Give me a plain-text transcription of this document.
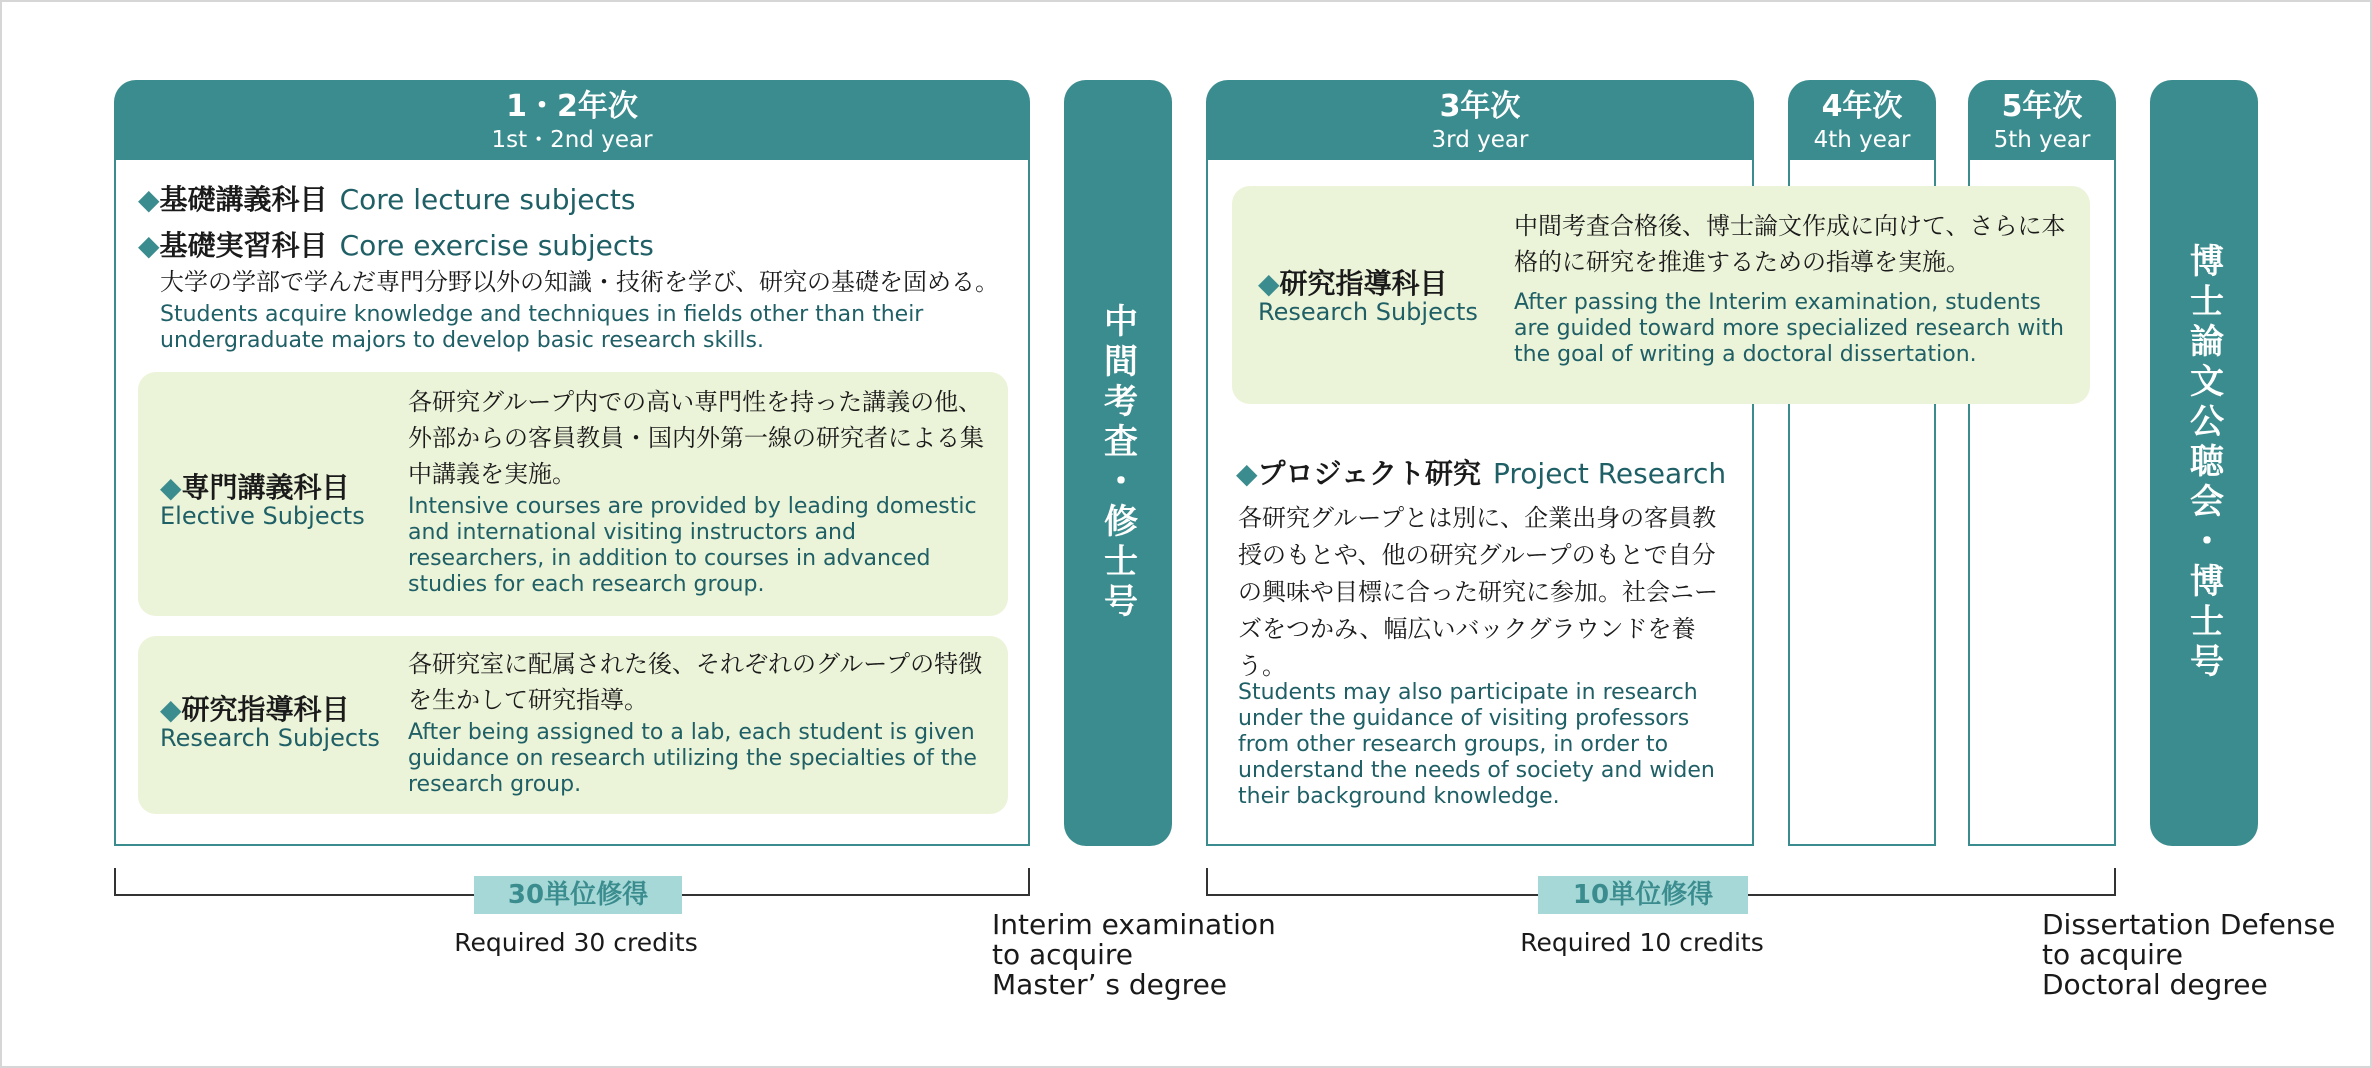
1・2年次
1st・2nd year
◆基礎講義科目 Core lecture subjects
◆基礎実習科目 Core exercise subjects
大学の学部で学んだ専門分野以外の知識・技術を学び、研究の基礎を固める。
Students acquire knowledge and techniques in fields other than their undergraduate majors to develop basic research skills.
◆専門講義科目
Elective Subjects
各研究グループ内での高い専門性を持った講義の他、外部からの客員教員・国内外第一線の研究者による集中講義を実施。
Intensive courses are provided by leading domestic and international visiting instructors and researchers, in addition to courses in advanced studies for each research group.
◆研究指導科目
Research Subjects
各研究室に配属された後、それぞれのグループの特徴を生かして研究指導。
After being assigned to a lab, each student is given guidance on research utilizing the specialties of the research group.
中間考査・修士号
3年次
3rd year
4年次
4th year
5年次
5th year
◆研究指導科目
Research Subjects
中間考査合格後、博士論文作成に向けて、さらに本格的に研究を推進するための指導を実施。
After passing the Interim examination, students are guided toward more specialized research with the goal of writing a doctoral dissertation.
◆プロジェクト研究 Project Research
各研究グループとは別に、企業出身の客員教授のもとや、他の研究グループのもとで自分の興味や目標に合った研究に参加。社会ニーズをつかみ、幅広いバックグラウンドを養う。
Students may also participate in research under the guidance of visiting professors from other research groups, in order to understand the needs of society and widen their background knowledge.
博士論文公聴会・博士号
30単位修得
Required 30 credits
10単位修得
Required 10 credits
Interim examination
to acquire
Master’ s degree
Dissertation Defense
to acquire
Doctoral degree
